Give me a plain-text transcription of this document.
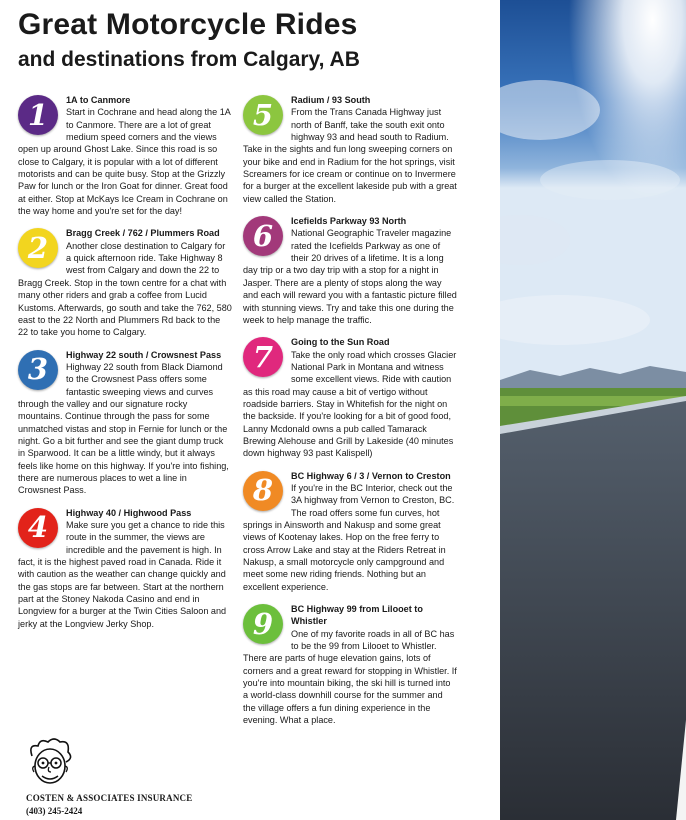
Great Motorcycle Rides
and destinations from Calgary, AB
1	1A to Canmore

Start in Cochrane and head along the 1A to Canmore. There are a lot of great medium speed corners and the views open up around Ghost Lake. Since this road is so close to Calgary, it is popular with a lot of different motorists and can be quite busy. Stop at the Grizzly Paw for lunch or the Iron Goat for dinner. Great food at either. Stop at McKays Ice Cream in Cochrane on the way home and you're set for the day!

2	Bragg Creek / 762 / Plummers Road

Another close destination to Calgary for a quick afternoon ride. Take Highway 8 west from Calgary and down the 22 to Bragg Creek. Stop in the town centre for a chat with many other riders and grab a coffee from Lucid Kustoms. Afterwards, go south and take the 762, 580 east to the 22 North and Plummers Rd back to the 22 to take you home to Calgary.

3	Highway 22 south / Crowsnest Pass

Highway 22 south from Black Diamond to the Crowsnest Pass offers some fantastic sweeping views and curves through the valley and our signature rocky mountains. Continue through the pass for some unmatched vistas and stop in Fernie for lunch or the night. Go a bit further and see the giant dump truck in Sparwood. It can be a little windy, but it always feels like home on this highway. If you're into fishing, there are numerous places to wet a line in Crowsnest Pass.

4	Highway 40 / Highwood Pass

Make sure you get a chance to ride this route in the summer, the views are incredible and the pavement is high. In fact, it is the highest paved road in Canada. Ride it with caution as the weather can change quickly and the gas stops are far between. Start at the northern part at the Stoney Nakoda Casino and end in Longview for a burger at the Twin Cities Saloon and jerky at the Longview Jerky Shop.

5	Radium / 93 South

From the Trans Canada Highway just north of Banff, take the south exit onto highway 93 and head south to Radium. Take in the sights and fun long sweeping corners on your bike and end in Radium for the hot springs, visit Screamers for ice cream or continue on to Invermere for a burger at the excellent lakeside pub with a great view called the Station.

6	Icefields Parkway 93 North

National Geographic Traveler magazine rated the Icefields Parkway as one of their 20 drives of a lifetime. It is a long day trip or a two day trip with a stop for a night in Jasper. There are a plenty of stops along the way and each will reward you with a fantastic picture filled with stunning views. Try and take this one during the week to help manage the traffic.

7	Going to the Sun Road

Take the only road which crosses Glacier National Park in Montana and witness some excellent views. Ride with caution as this road may cause a bit of vertigo without roadside barriers. Stay in Whitefish for the night on the backside. If you're looking for a bit of good food, Lanny Mcdonald owns a pub called Tamarack Brewing Alehouse and Grill by Lakeside (40 minutes down highway 93 past Kalispell)

8	BC Highway 6 / 3 / Vernon to Creston

If you're in the BC Interior, check out the 3A highway from Vernon to Creston, BC. The road offers some fun curves, hot springs in Ainsworth and Nakusp and some great views of Kootenay lakes. Hop on the free ferry to cross Arrow Lake and stay at the Riders Retreat in Nakusp, a small motorcycle only campground and meet some new riding friends. Nothing but an excellent experience.

9	BC Highway 99 from Lilooet to Whistler

One of my favorite roads in all of BC has to be the 99 from Lilooet to Whistler. There are parts of huge elevation gains, lots of corners and a great reward for stopping in Whistler. If you're into mountain biking, the ski hill is turned into a world-class downhill course for the summer and the village offers a fun dining experience in the evening. What a place.

COSTEN & ASSOCIATES INSURANCE
(403) 245-2424
